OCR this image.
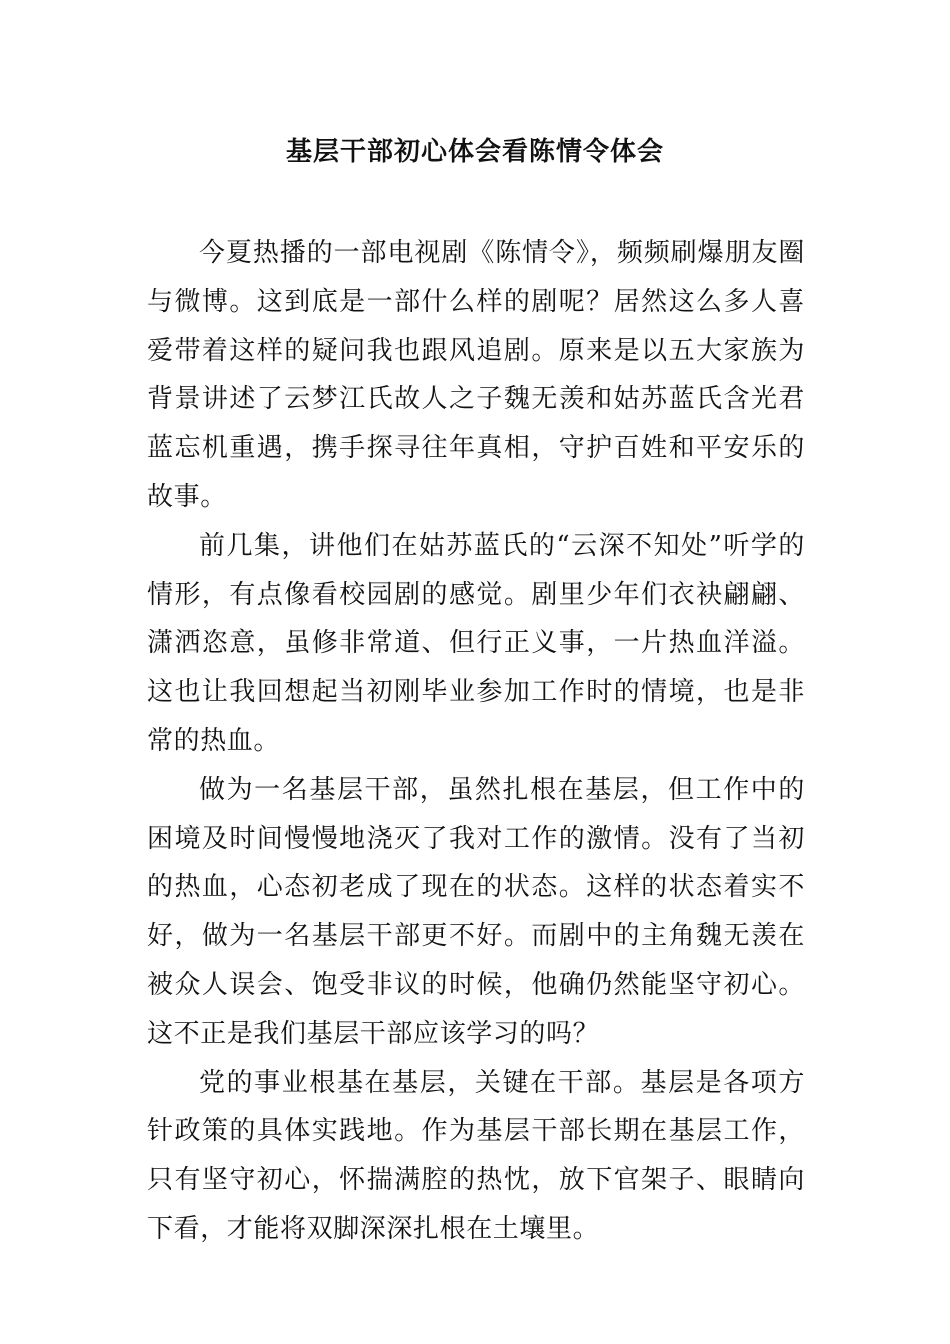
基层干部初心体会看陈情令体会

今夏热播的一部电视剧《陈情令》，频频刷爆朋友圈与微博。这到底是一部什么样的剧呢？居然这么多人喜爱带着这样的疑问我也跟风追剧。原来是以五大家族为背景讲述了云梦江氏故人之子魏无羡和姑苏蓝氏含光君蓝忘机重遇，携手探寻往年真相，守护百姓和平安乐的故事。

前几集，讲他们在姑苏蓝氏的“云深不知处”听学的情形，有点像看校园剧的感觉。剧里少年们衣袂翩翩、潇洒恣意，虽修非常道、但行正义事，一片热血洋溢。这也让我回想起当初刚毕业参加工作时的情境，也是非常的热血。

做为一名基层干部，虽然扎根在基层，但工作中的困境及时间慢慢地浇灭了我对工作的激情。没有了当初的热血，心态初老成了现在的状态。这样的状态着实不好，做为一名基层干部更不好。而剧中的主角魏无羡在被众人误会、饱受非议的时候，他确仍然能坚守初心。这不正是我们基层干部应该学习的吗？

党的事业根基在基层，关键在干部。基层是各项方针政策的具体实践地。作为基层干部长期在基层工作，只有坚守初心，怀揣满腔的热忱，放下官架子、眼睛向下看，才能将双脚深深扎根在土壤里。
